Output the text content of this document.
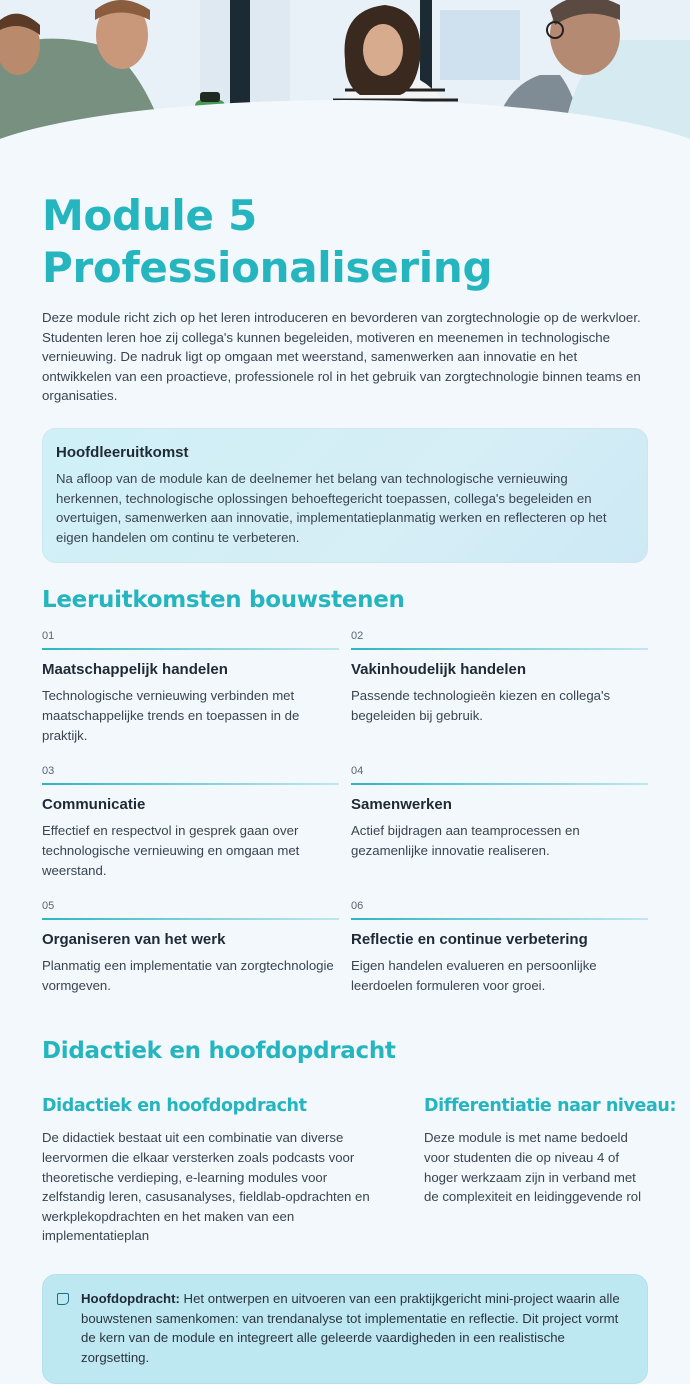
Module 5 Professionalisering

Deze module richt zich op het leren introduceren en bevorderen van zorgtechnologie op de werkvloer. Studenten leren hoe zij collega's kunnen begeleiden, motiveren en meenemen in technologische vernieuwing. De nadruk ligt op omgaan met weerstand, samenwerken aan innovatie en het ontwikkelen van een proactieve, professionele rol in het gebruik van zorgtechnologie binnen teams en organisaties.

Hoofdleeruitkomst

Na afloop van de module kan de deelnemer het belang van technologische vernieuwing herkennen, technologische oplossingen behoeftegericht toepassen, collega's begeleiden en overtuigen, samenwerken aan innovatie, implementatieplanmatig werken en reflecteren op het eigen handelen om continu te verbeteren.

Leeruitkomsten bouwstenen
01
Maatschappelijk handelen

Technologische vernieuwing verbinden met maatschappelijke trends en toepassen in de praktijk.

02
Vakinhoudelijk handelen

Passende technologieën kiezen en collega's begeleiden bij gebruik.

03
Communicatie

Effectief en respectvol in gesprek gaan over technologische vernieuwing en omgaan met weerstand.

04
Samenwerken

Actief bijdragen aan teamprocessen en gezamenlijke innovatie realiseren.

05
Organiseren van het werk

Planmatig een implementatie van zorgtechnologie vormgeven.

06
Reflectie en continue verbetering

Eigen handelen evalueren en persoonlijke leerdoelen formuleren voor groei.

Didactiek en hoofdopdracht
Didactiek en hoofdopdracht

De didactiek bestaat uit een combinatie van diverse leervormen die elkaar versterken zoals podcasts voor theoretische verdieping, e-learning modules voor zelfstandig leren, casusanalyses, fieldlab-opdrachten en werkplekopdrachten en het maken van een implementatieplan

Differentiatie naar niveau:

Deze module is met name bedoeld voor studenten die op niveau 4 of hoger werkzaam zijn in verband met de complexiteit en leidinggevende rol

Hoofdopdracht: Het ontwerpen en uitvoeren van een praktijkgericht mini-project waarin alle bouwstenen samenkomen: van trendanalyse tot implementatie en reflectie. Dit project vormt de kern van de module en integreert alle geleerde vaardigheden in een realistische zorgsetting.
